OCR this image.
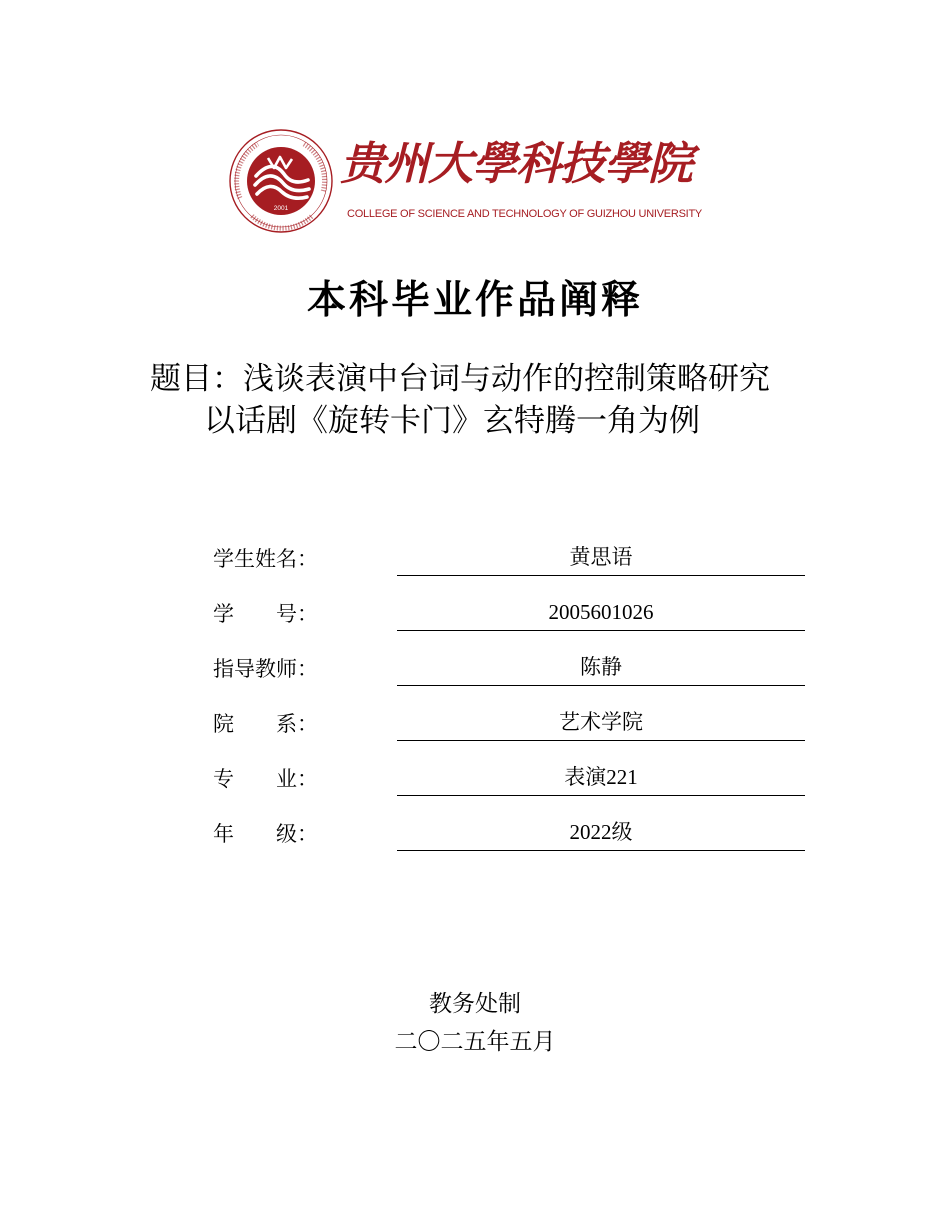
2001
贵州大學科技學院
COLLEGE OF SCIENCE AND TECHNOLOGY OF GUIZHOU UNIVERSITY
本科毕业作品阐释
题目：浅谈表演中台词与动作的控制策略研究
以话剧《旋转卡门》玄特腾一角为例
学生姓名：	黄思语
学　　号：	2005601026
指导教师：	陈静
院　　系：	艺术学院
专　　业：	表演221
年　　级：	2022级
教务处制
二〇二五年五月
